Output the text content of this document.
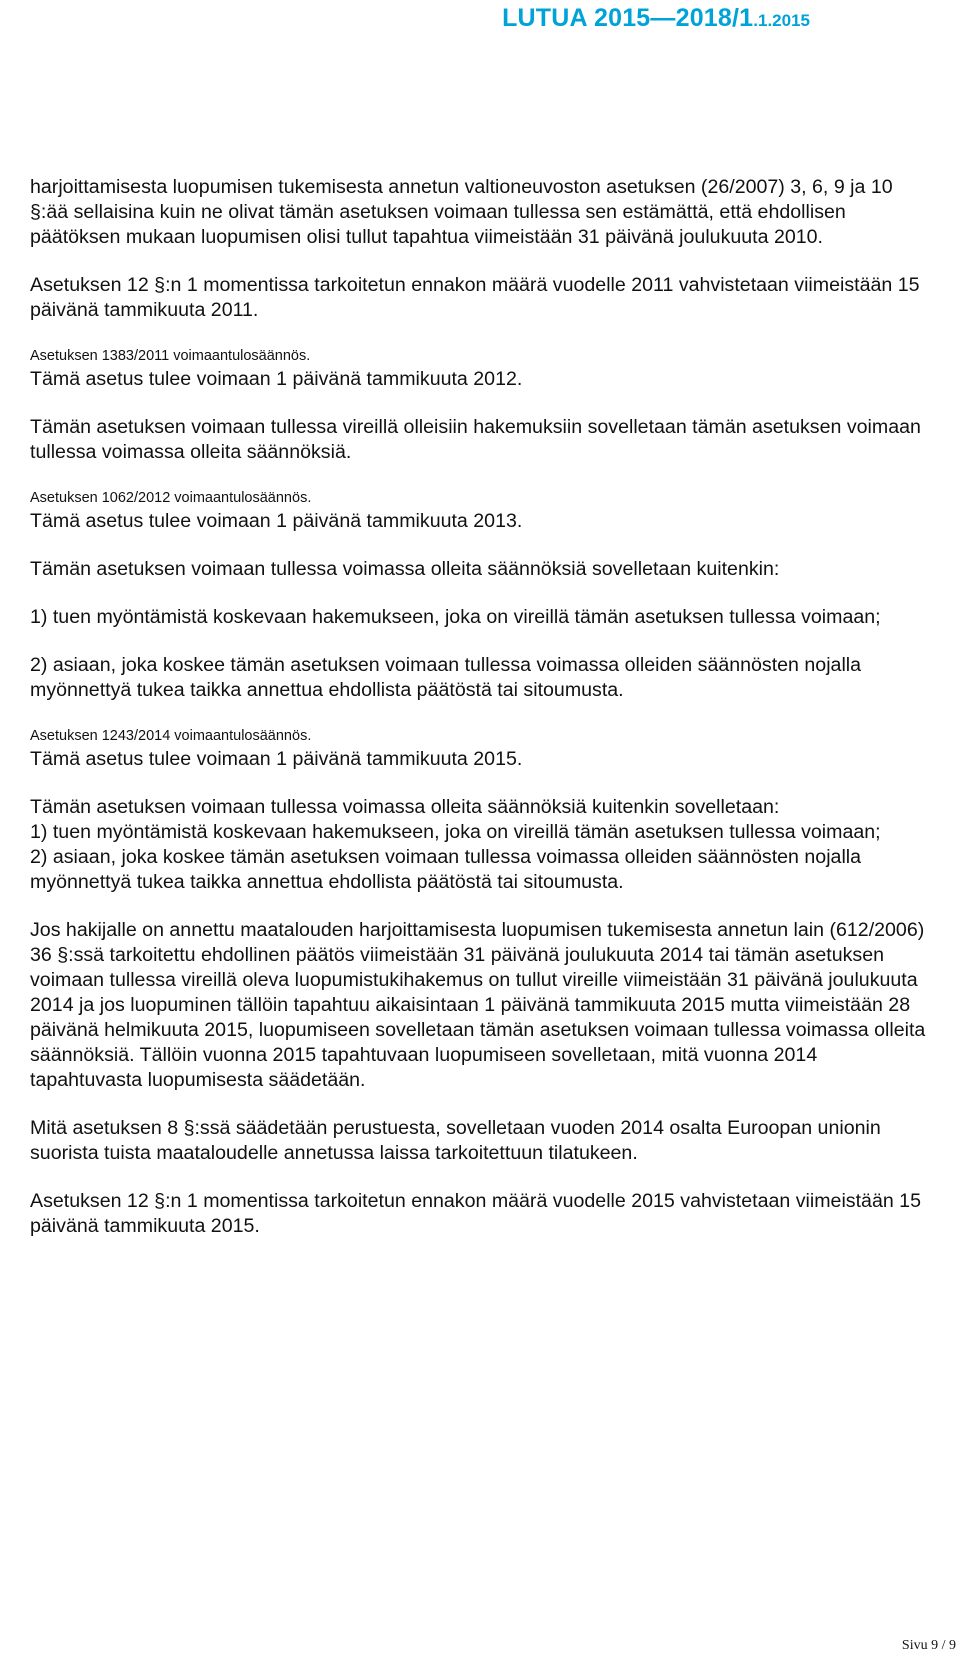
LUTUA 2015—2018/1.1.2015

harjoittamisesta luopumisen tukemisesta annetun valtioneuvoston asetuksen (26/2007) 3, 6, 9 ja 10 §:ää sellaisina kuin ne olivat tämän asetuksen voimaan tullessa sen estämättä, että ehdollisen päätöksen mukaan luopumisen olisi tullut tapahtua viimeistään 31 päivänä joulukuuta 2010.

Asetuksen 12 §:n 1 momentissa tarkoitetun ennakon määrä vuodelle 2011 vahvistetaan viimeistään 15 päivänä tammikuuta 2011.

Asetuksen 1383/2011 voimaantulosäännös.

Tämä asetus tulee voimaan 1 päivänä tammikuuta 2012.

Tämän asetuksen voimaan tullessa vireillä olleisiin hakemuksiin sovelletaan tämän asetuksen voimaan tullessa voimassa olleita säännöksiä.

Asetuksen 1062/2012 voimaantulosäännös.

Tämä asetus tulee voimaan 1 päivänä tammikuuta 2013.

Tämän asetuksen voimaan tullessa voimassa olleita säännöksiä sovelletaan kuitenkin:

1) tuen myöntämistä koskevaan hakemukseen, joka on vireillä tämän asetuksen tullessa voimaan;

2) asiaan, joka koskee tämän asetuksen voimaan tullessa voimassa olleiden säännösten nojalla myönnettyä tukea taikka annettua ehdollista päätöstä tai sitoumusta.

Asetuksen 1243/2014 voimaantulosäännös.

Tämä asetus tulee voimaan 1 päivänä tammikuuta 2015.

Tämän asetuksen voimaan tullessa voimassa olleita säännöksiä kuitenkin sovelletaan:

1) tuen myöntämistä koskevaan hakemukseen, joka on vireillä tämän asetuksen tullessa voimaan;

2) asiaan, joka koskee tämän asetuksen voimaan tullessa voimassa olleiden säännösten nojalla myönnettyä tukea taikka annettua ehdollista päätöstä tai sitoumusta.

Jos hakijalle on annettu maatalouden harjoittamisesta luopumisen tukemisesta annetun lain (612/2006) 36 §:ssä tarkoitettu ehdollinen päätös viimeistään 31 päivänä joulukuuta 2014 tai tämän asetuksen voimaan tullessa vireillä oleva luopumistukihakemus on tullut vireille viimeistään 31 päivänä joulukuuta 2014 ja jos luopuminen tällöin tapahtuu aikaisintaan 1 päivänä tammikuuta 2015 mutta viimeistään 28 päivänä helmikuuta 2015, luopumiseen sovelletaan tämän asetuksen voimaan tullessa voimassa olleita säännöksiä. Tällöin vuonna 2015 tapahtuvaan luopumiseen sovelletaan, mitä vuonna 2014 tapahtuvasta luopumisesta säädetään.

Mitä asetuksen 8 §:ssä säädetään perustuesta, sovelletaan vuoden 2014 osalta Euroopan unionin suorista tuista maataloudelle annetussa laissa tarkoitettuun tilatukeen.

Asetuksen 12 §:n 1 momentissa tarkoitetun ennakon määrä vuodelle 2015 vahvistetaan viimeistään 15 päivänä tammikuuta 2015.

Sivu 9 / 9
